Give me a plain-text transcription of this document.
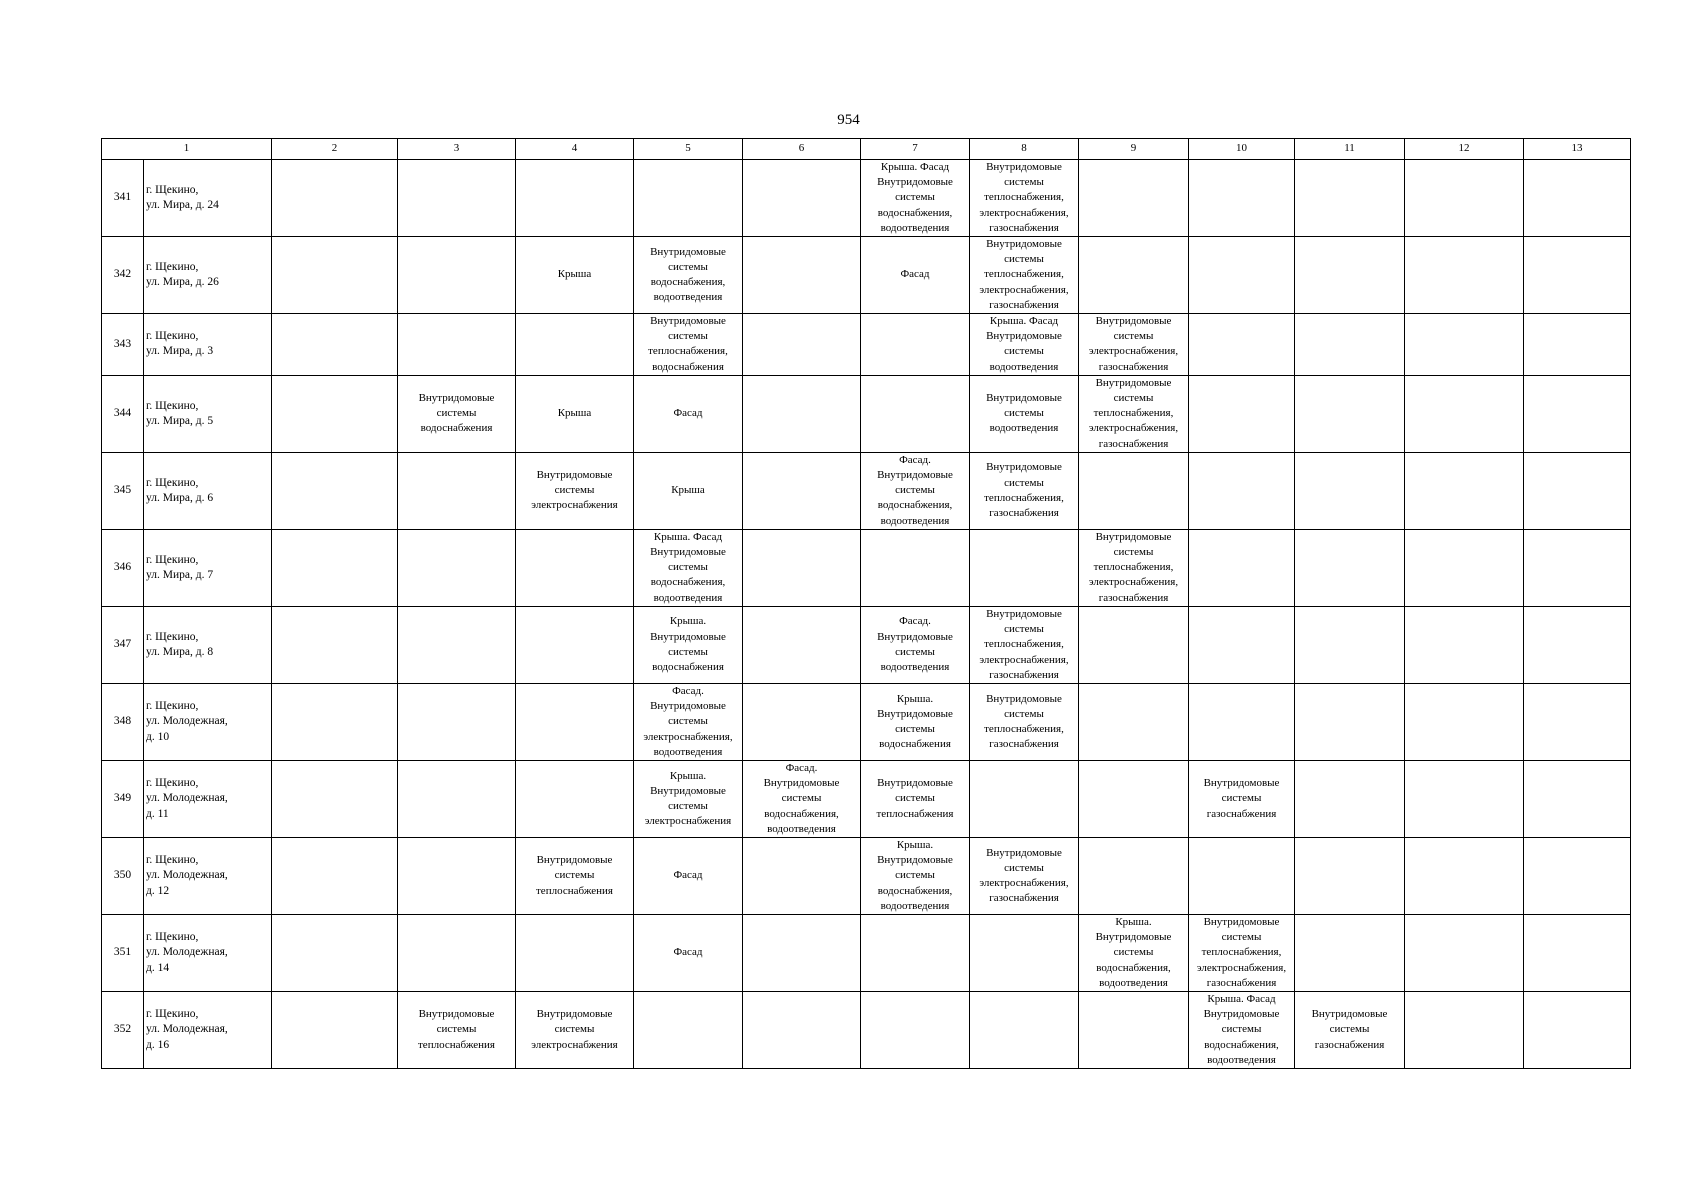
954
1		2	3	4	5	6	7	8	9	10	11	12	13
341	г. Щекино,
ул. Мира, д. 24						Крыша. Фасад
Внутридомовые
системы
водоснабжения,
водоотведения	Внутридомовые
системы
теплоснабжения,
электроснабжения,
газоснабжения					

342	г. Щекино,
ул. Мира, д. 26			Крыша	Внутридомовые
системы
водоснабжения,
водоотведения		Фасад	Внутридомовые
системы
теплоснабжения,
электроснабжения,
газоснабжения					

343	г. Щекино,
ул. Мира, д. 3				Внутридомовые
системы
теплоснабжения,
водоснабжения			Крыша. Фасад
Внутридомовые
системы
водоотведения	Внутридомовые
системы
электроснабжения,
газоснабжения				

344	г. Щекино,
ул. Мира, д. 5		Внутридомовые
системы
водоснабжения	Крыша	Фасад			Внутридомовые
системы
водоотведения	Внутридомовые
системы
теплоснабжения,
электроснабжения,
газоснабжения				

345	г. Щекино,
ул. Мира, д. 6			Внутридомовые
системы
электроснабжения	Крыша		Фасад.
Внутридомовые
системы
водоснабжения,
водоотведения	Внутридомовые
системы
теплоснабжения,
газоснабжения					

346	г. Щекино,
ул. Мира, д. 7				Крыша. Фасад
Внутридомовые
системы
водоснабжения,
водоотведения				Внутридомовые
системы
теплоснабжения,
электроснабжения,
газоснабжения				

347	г. Щекино,
ул. Мира, д. 8				Крыша.
Внутридомовые
системы
водоснабжения		Фасад.
Внутридомовые
системы
водоотведения	Внутридомовые
системы
теплоснабжения,
электроснабжения,
газоснабжения					

348	г. Щекино,
ул. Молодежная,
д. 10				Фасад.
Внутридомовые
системы
электроснабжения,
водоотведения		Крыша.
Внутридомовые
системы
водоснабжения	Внутридомовые
системы
теплоснабжения,
газоснабжения					

349	г. Щекино,
ул. Молодежная,
д. 11				Крыша.
Внутридомовые
системы
электроснабжения	Фасад.
Внутридомовые
системы
водоснабжения,
водоотведения	Внутридомовые
системы
теплоснабжения			Внутридомовые
системы
газоснабжения			

350	г. Щекино,
ул. Молодежная,
д. 12			Внутридомовые
системы
теплоснабжения	Фасад		Крыша.
Внутридомовые
системы
водоснабжения,
водоотведения	Внутридомовые
системы
электроснабжения,
газоснабжения					

351	г. Щекино,
ул. Молодежная,
д. 14				Фасад				Крыша.
Внутридомовые
системы
водоснабжения,
водоотведения	Внутридомовые
системы
теплоснабжения,
электроснабжения,
газоснабжения			

352	г. Щекино,
ул. Молодежная,
д. 16		Внутридомовые
системы
теплоснабжения	Внутридомовые
системы
электроснабжения						Крыша. Фасад
Внутридомовые
системы
водоснабжения,
водоотведения	Внутридомовые
системы
газоснабжения		
